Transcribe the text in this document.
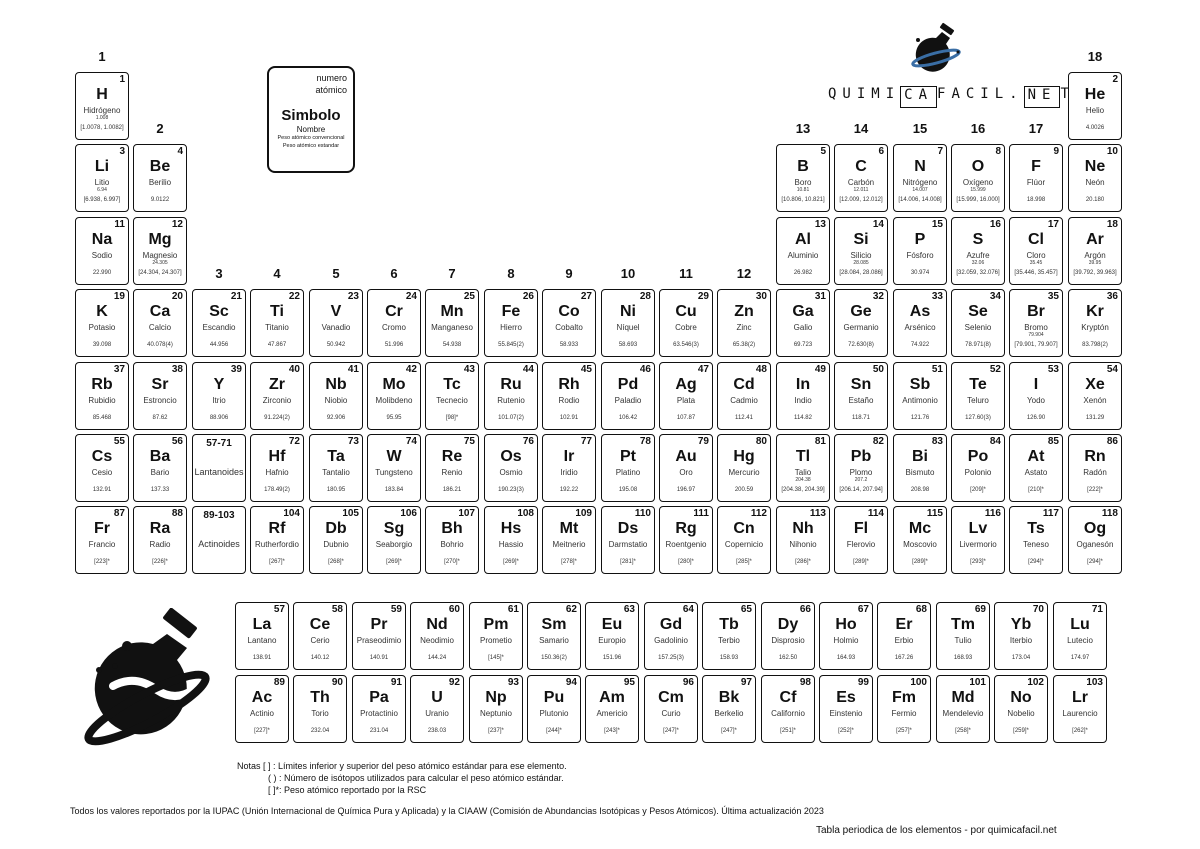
1
H
Hidrógeno
1.008
[1.0078, 1.0082]
2
He
Helio
4.0026
3
Li
Litio
6.94
[6.938, 6.997]
4
Be
Berilio
9.0122
5
B
Boro
10.81
[10.806, 10.821]
6
C
Carbón
12.011
[12.009, 12.012]
7
N
Nitrógeno
14.007
[14.006, 14.008]
8
O
Oxígeno
15.999
[15.999, 16.000]
9
F
Flúor
18.998
10
Ne
Neón
20.180
11
Na
Sodio
22.990
12
Mg
Magnesio
24.305
[24.304, 24.307]
13
Al
Aluminio
26.982
14
Si
Silicio
28.085
[28.084, 28.086]
15
P
Fósforo
30.974
16
S
Azufre
32.06
[32.059, 32.076]
17
Cl
Cloro
35.45
[35.446, 35.457]
18
Ar
Argón
39.95
[39.792, 39.963]
19
K
Potasio
39.098
20
Ca
Calcio
40.078(4)
21
Sc
Escandio
44.956
22
Ti
Titanio
47.867
23
V
Vanadio
50.942
24
Cr
Cromo
51.996
25
Mn
Manganeso
54.938
26
Fe
Hierro
55.845(2)
27
Co
Cobalto
58.933
28
Ni
Níquel
58.693
29
Cu
Cobre
63.546(3)
30
Zn
Zinc
65.38(2)
31
Ga
Galio
69.723
32
Ge
Germanio
72.630(8)
33
As
Arsénico
74.922
34
Se
Selenio
78.971(8)
35
Br
Bromo
79.904
[79.901, 79.907]
36
Kr
Kryptón
83.798(2)
37
Rb
Rubidio
85.468
38
Sr
Estroncio
87.62
39
Y
Itrio
88.906
40
Zr
Zirconio
91.224(2)
41
Nb
Niobio
92.906
42
Mo
Molibdeno
95.95
43
Tc
Tecnecio
[98]*
44
Ru
Rutenio
101.07(2)
45
Rh
Rodio
102.91
46
Pd
Paladio
106.42
47
Ag
Plata
107.87
48
Cd
Cadmio
112.41
49
In
Indio
114.82
50
Sn
Estaño
118.71
51
Sb
Antimonio
121.76
52
Te
Teluro
127.60(3)
53
I
Yodo
126.90
54
Xe
Xenón
131.29
55
Cs
Cesio
132.91
56
Ba
Bario
137.33
57-71
Lantanoides
72
Hf
Hafnio
178.49(2)
73
Ta
Tantalio
180.95
74
W
Tungsteno
183.84
75
Re
Renio
186.21
76
Os
Osmio
190.23(3)
77
Ir
Iridio
192.22
78
Pt
Platino
195.08
79
Au
Oro
196.97
80
Hg
Mercurio
200.59
81
Tl
Talio
204.38
[204.38, 204.39]
82
Pb
Plomo
207.2
[206.14, 207.94]
83
Bi
Bismuto
208.98
84
Po
Polonio
[209]*
85
At
Astato
[210]*
86
Rn
Radón
[222]*
87
Fr
Francio
[223]*
88
Ra
Radio
[226]*
89-103
Actinoides
104
Rf
Rutherfordio
[267]*
105
Db
Dubnio
[268]*
106
Sg
Seaborgio
[269]*
107
Bh
Bohrio
[270]*
108
Hs
Hassio
[269]*
109
Mt
Meitnerio
[278]*
110
Ds
Darmstatio
[281]*
111
Rg
Roentgenio
[280]*
112
Cn
Copernicio
[285]*
113
Nh
Nihonio
[286]*
114
Fl
Flerovio
[289]*
115
Mc
Moscovio
[289]*
116
Lv
Livermorio
[293]*
117
Ts
Teneso
[294]*
118
Og
Oganesón
[294]*
1
2
3	4	5	6	7	8	9	10	11	12
13	14	15	16	17
18
57
La
Lantano
138.91
58
Ce
Cerio
140.12
59
Pr
Praseodimio
140.91
60
Nd
Neodimio
144.24
61
Pm
Prometio
[145]*
62
Sm
Samario
150.36(2)
63
Eu
Europio
151.96
64
Gd
Gadolinio
157.25(3)
65
Tb
Terbio
158.93
66
Dy
Disprosio
162.50
67
Ho
Holmio
164.93
68
Er
Erbio
167.26
69
Tm
Tulio
168.93
70
Yb
Iterbio
173.04
71
Lu
Lutecio
174.97
89
Ac
Actinio
[227]*
90
Th
Torio
232.04
91
Pa
Protactinio
231.04
92
U
Uranio
238.03
93
Np
Neptunio
[237]*
94
Pu
Plutonio
[244]*
95
Am
Americio
[243]*
96
Cm
Curio
[247]*
97
Bk
Berkelio
[247]*
98
Cf
Californio
[251]*
99
Es
Einstenio
[252]*
100
Fm
Fermio
[257]*
101
Md
Mendelevio
[258]*
102
No
Nobelio
[259]*
103
Lr
Laurencio
[262]*
numero
atómico
Simbolo
Nombre
Peso atómico convencional
Peso atómico estandar
QUIMI CA FACIL. NE T
Notas [ ] : Límites inferior y superior del peso atómico estándar para ese elemento.
( ) : Número de isótopos utilizados para calcular el peso atómico estándar.
[ ]*: Peso atómico reportado por la RSC
Todos los valores reportados por la IUPAC (Unión Internacional de Química Pura y Aplicada) y la CIAAW (Comisión de Abundancias Isotópicas y Pesos Atómicos). Última actualización 2023
Tabla periodica de los elementos - por quimicafacil.net
